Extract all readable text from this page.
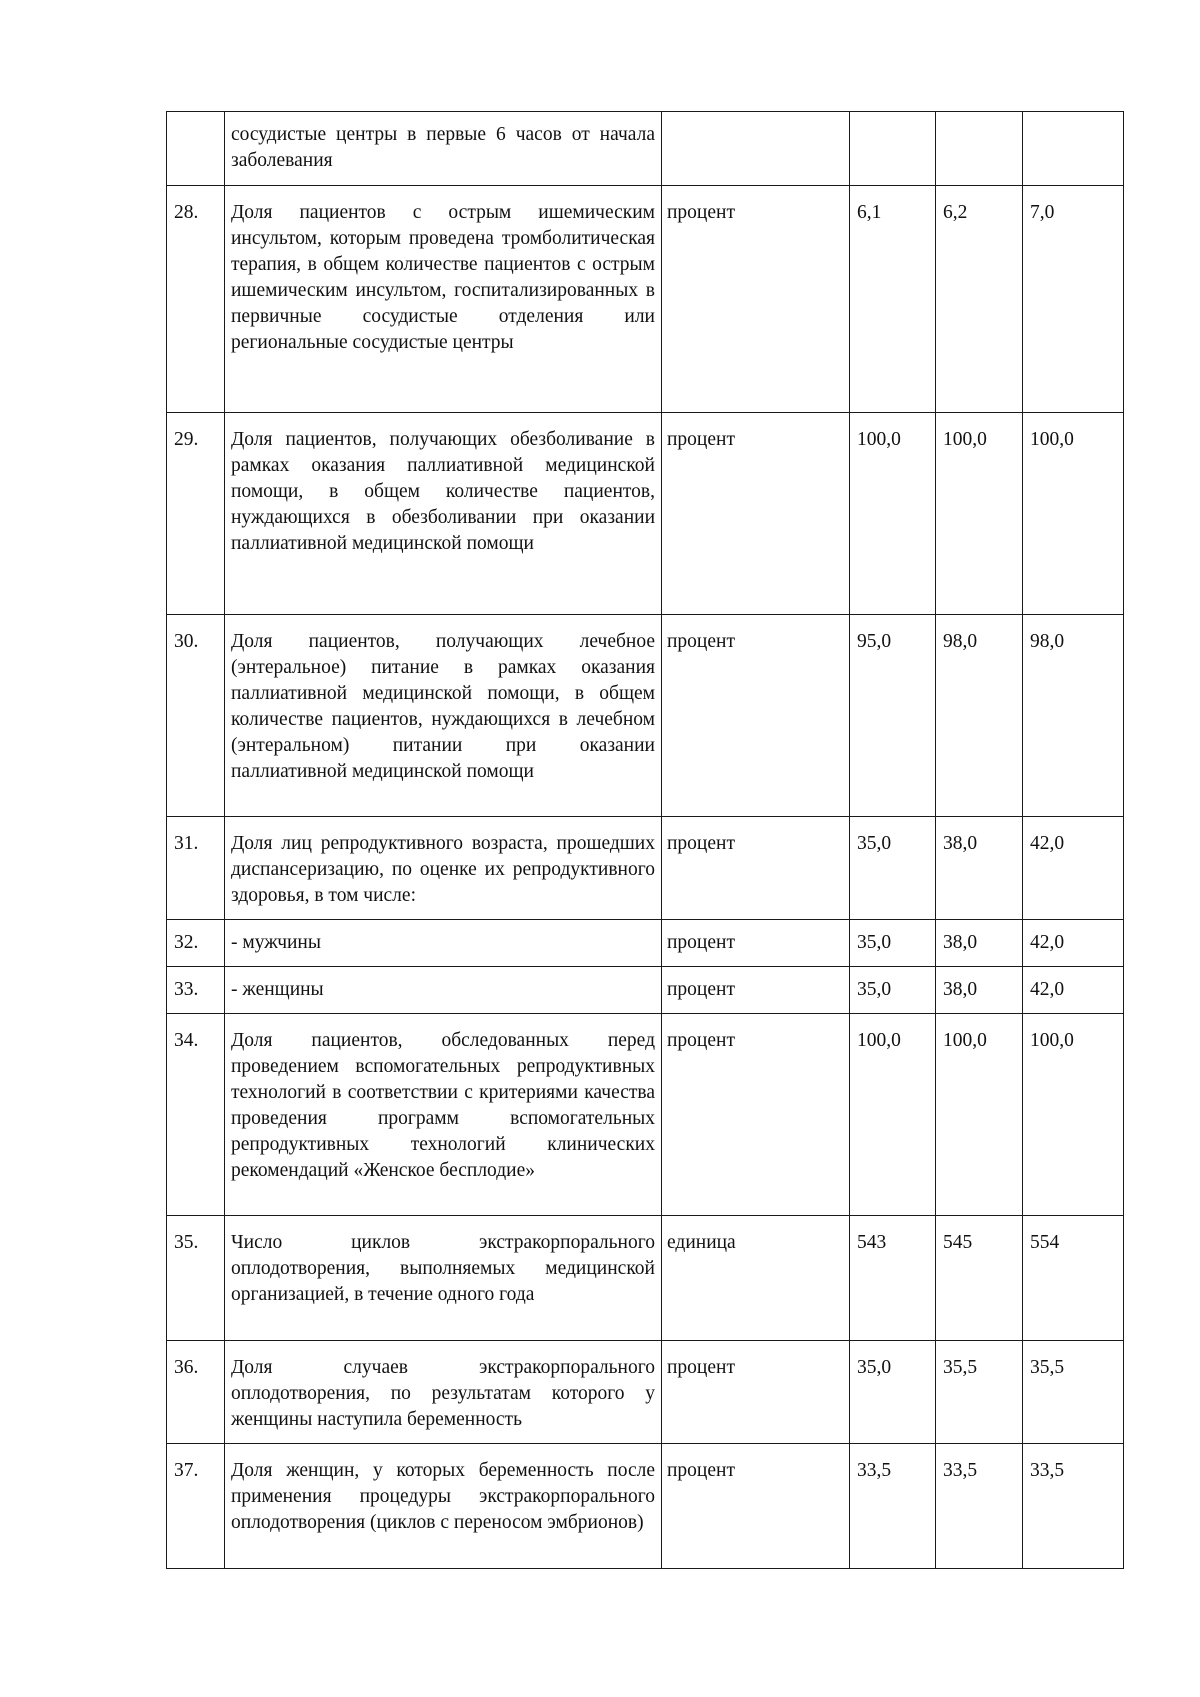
	сосудистые центры в первые 6 часов от начала заболевания				
28.	Доля пациентов с острым ишемическим инсультом, которым проведена тромболитическая терапия, в общем количестве пациентов с острым ишемическим инсультом, госпитализированных в первичные сосудистые отделения или региональные сосудистые центры	процент	6,1	6,2	7,0
29.	Доля пациентов, получающих обезболивание в рамках оказания паллиативной медицинской помощи, в общем количестве пациентов, нуждающихся в обезболивании при оказании паллиативной медицинской помощи	процент	100,0	100,0	100,0
30.	Доля пациентов, получающих лечебное (энтеральное) питание в рамках оказания паллиативной медицинской помощи, в общем количестве пациентов, нуждающихся в лечебном (энтеральном) питании при оказании паллиативной медицинской помощи	процент	95,0	98,0	98,0
31.	Доля лиц репродуктивного возраста, прошедших диспансеризацию, по оценке их репродуктивного здоровья, в том числе:	процент	35,0	38,0	42,0
32.	- мужчины	процент	35,0	38,0	42,0
33.	- женщины	процент	35,0	38,0	42,0
34.	Доля пациентов, обследованных перед проведением вспомогательных репродуктивных технологий в соответствии с критериями качества проведения программ вспомогательных репродуктивных технологий клинических рекомендаций «Женское бесплодие»	процент	100,0	100,0	100,0
35.	Число циклов экстракорпорального оплодотворения, выполняемых медицинской организацией, в течение одного года	единица	543	545	554
36.	Доля случаев экстракорпорального оплодотворения, по результатам которого у женщины наступила беременность	процент	35,0	35,5	35,5
37.	Доля женщин, у которых беременность после применения процедуры экстракорпорального оплодотворения (циклов с переносом эмбрионов)	процент	33,5	33,5	33,5
